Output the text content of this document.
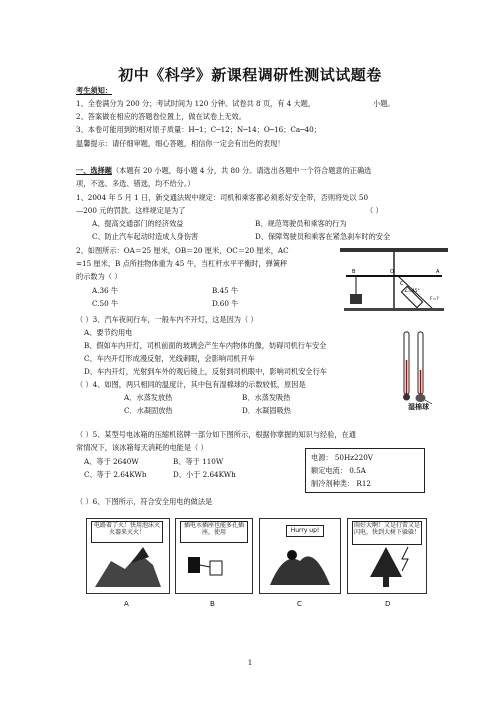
初中《科学》新课程调研性测试试题卷
考生须知：
1、全卷满分为 200 分；考试时间为 120 分钟。试卷共 8 页，有 4 大题，	小题。
2、答案做在相应的答题卷位置上，做在试卷上无效。
3、本卷可能用到的相对原子质量：H─1；C─12；N─14；O─16；Ca─40；
温馨提示：请仔细审题，细心答题，相信你一定会有出色的表现！
一、选择题（本题有 20 小题，每小题 4 分，共 80 分。请选出各题中一个符合题意的正确选
项，不选、多选、错选，均不给分。）
1、2004 年 5 月 1 日，新交通法规中规定：司机和乘客都必须系好安全带，否则将处以 50
—200 元的罚款。这样规定是为了	（ ）
A、提高交通部门的经济效益	B、规范驾驶员和乘客的行为
C、防止汽车起动时造成人身伤害	D、保障驾驶员和乘客在紧急刹车时的安全
2、如图所示：OA＝25 厘米，OB＝20 厘米，OC＝20 厘米，AC
=15 厘米，B 点所挂物体重为 45 牛，当杠杆水平平衡时，弹簧秤
的示数为（ ）
A.36 牛	B.45 牛
C.50 牛	D.60 牛
O
B	A
C
∠=45°
F=?
（ ）3、汽车夜间行车，一般车内不开灯，这是因为（ ）
A、要节约用电
B、假如车内开灯，司机前面的玻璃会产生车内物体的像，妨碍司机行车安全
C、车内开灯形成漫反射，光线刺眼，会影响司机开车
D、车内开灯，光射到车外的观后镜上，反射到司机眼中，影响司机安全行车
（ ）4、如图，两只相同的温度计，其中包有湿棉球的示数较低，原因是
A．水蒸发放热	B．水蒸发吸热
C．水凝固放热	D．水凝固吸热	湿棉球
（ ）5、某型号电冰箱的压缩机铭牌一部分如下图所示，根据你掌握的知识与经验，在通
常情况下，该冰箱每天消耗的电能是（ ）
A、等于 2640W	B、等于 110W
C、等于 2.64KWh	D、小于 2.64KWh
电源： 50Hz220V
额定电流： 0.5A
制冷剂种类： R12
（ ）6、下图所示，符合安全用电的做法是
电路着了火！快用泡沫灭火器来灭火！
A
插电水插座也能多孔插座，使用
B
Hurry up!
C
雨好大啊！又是打雷又是闪电，快到大树下躲躲！
D
1
